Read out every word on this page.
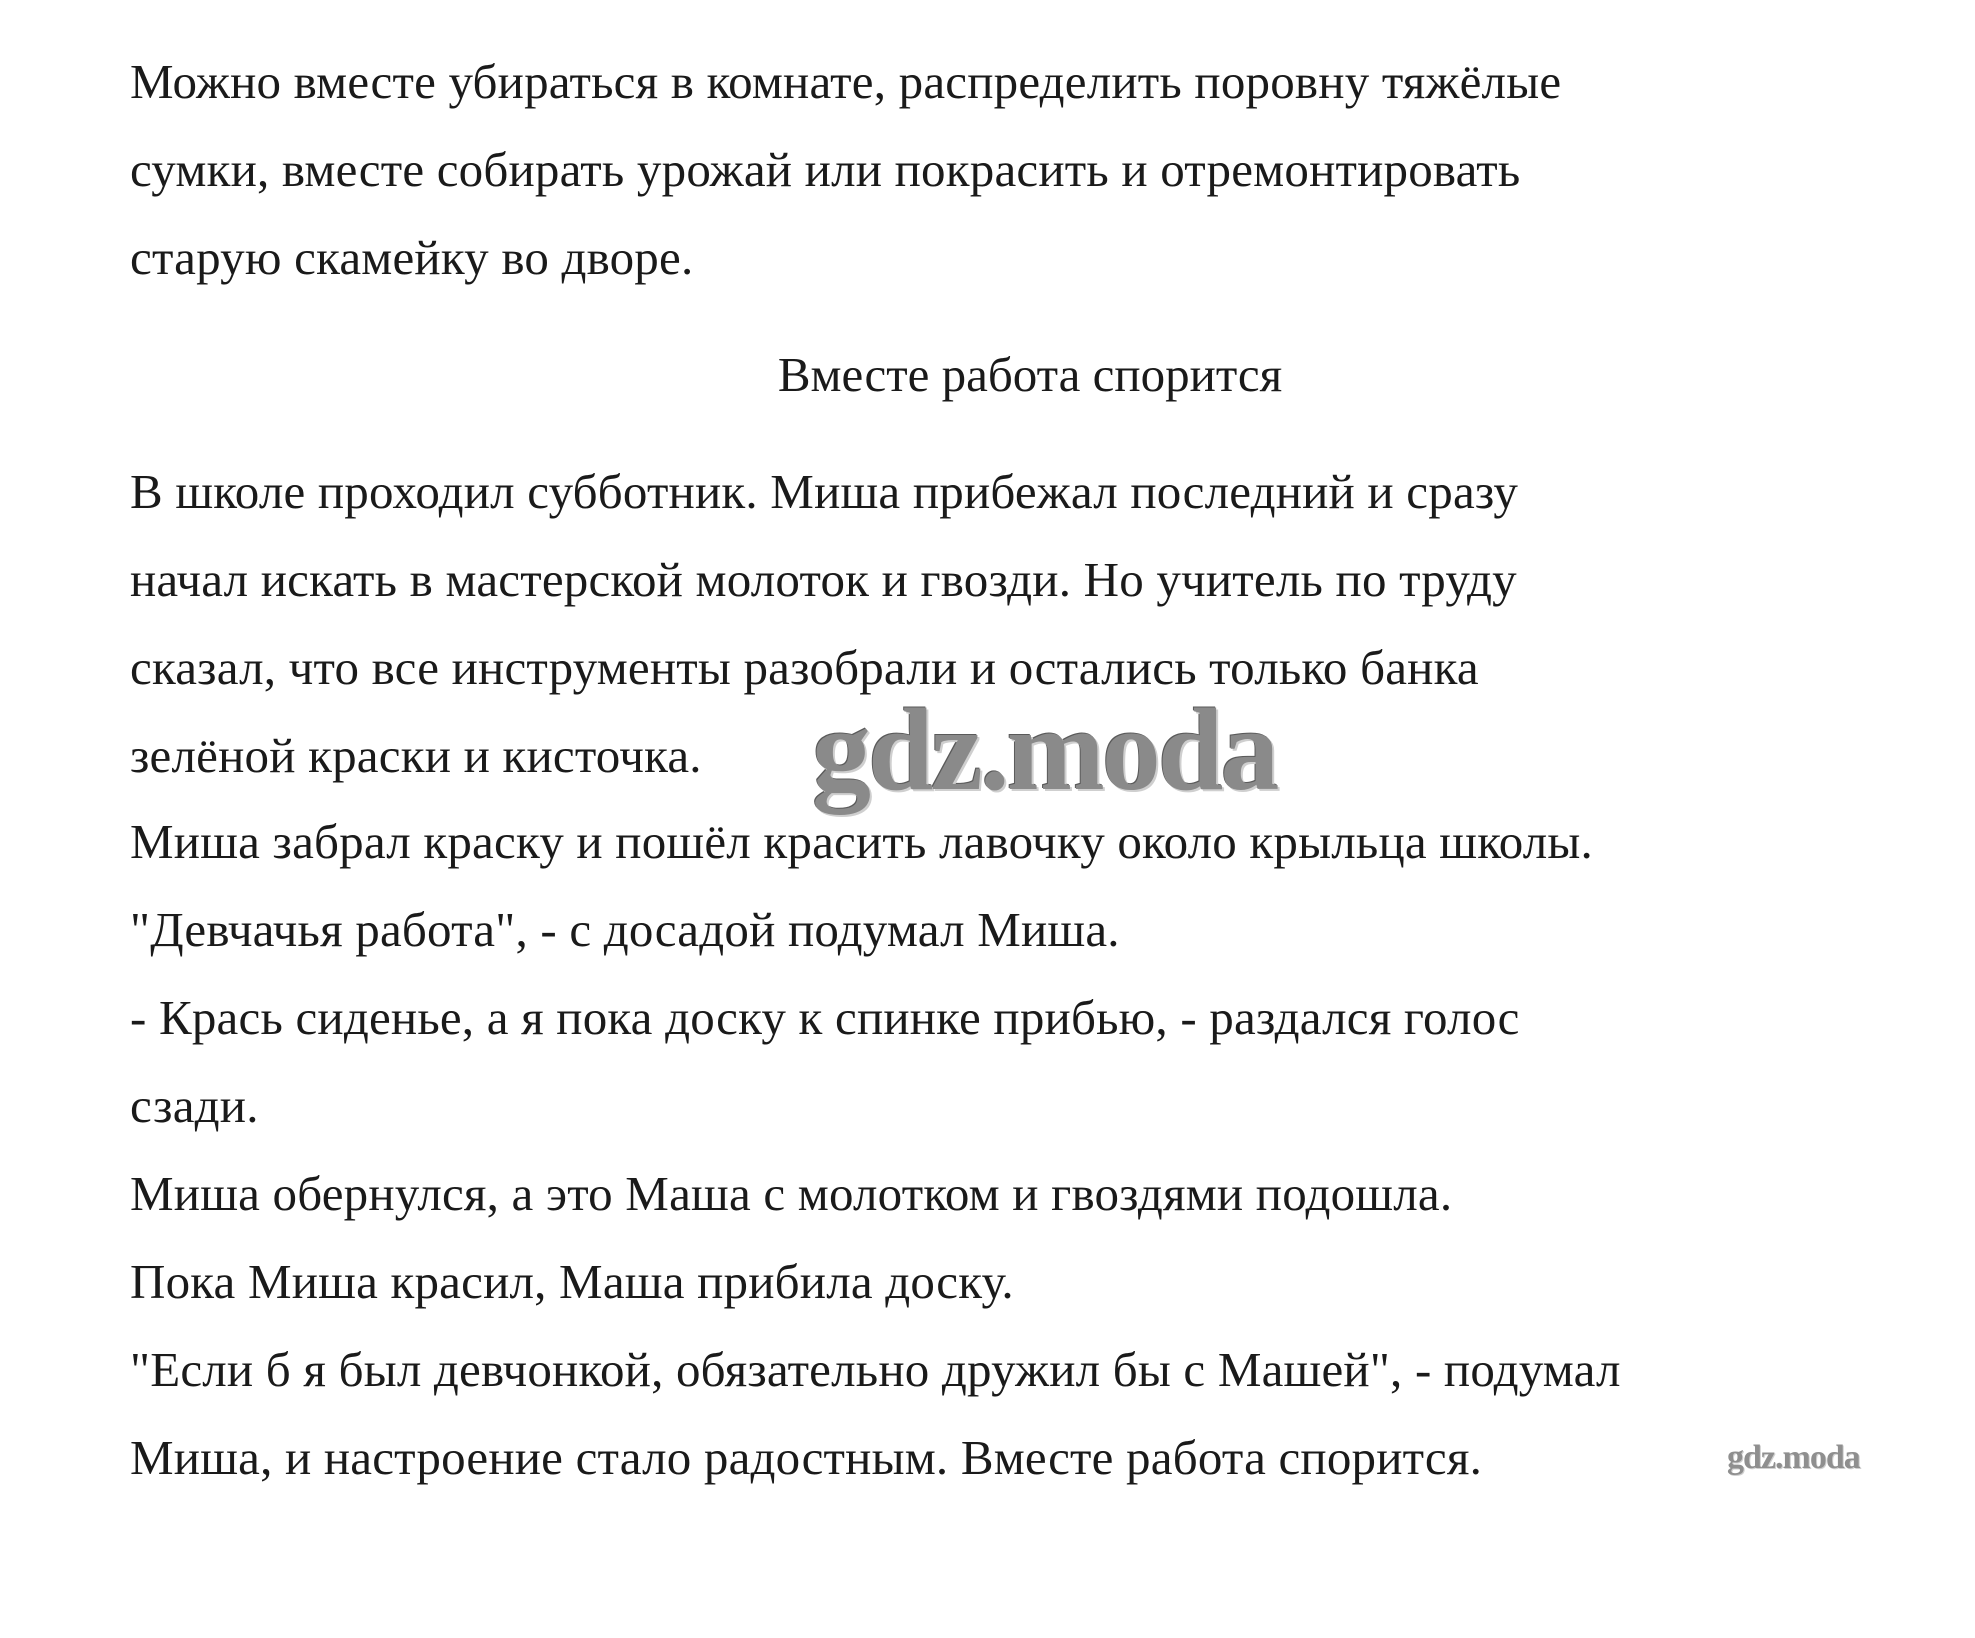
Можно вместе убираться в комнате, распределить поровну тяжёлые
сумки, вместе собирать урожай или покрасить и отремонтировать
старую скамейку во дворе.
Вместе работа спорится
В школе проходил субботник. Миша прибежал последний и сразу
начал искать в мастерской молоток и гвозди. Но учитель по труду
сказал, что все инструменты разобрали и остались только банка
зелёной краски и кисточка.
Миша забрал краску и пошёл красить лавочку около крыльца школы.
"Девчачья работа", - с досадой подумал Миша.
- Крась сиденье, а я пока доску к спинке прибью, - раздался голос
сзади.
Миша обернулся, а это Маша с молотком и гвоздями подошла.
Пока Миша красил, Маша прибила доску.
"Если б я был девчонкой, обязательно дружил бы с Машей", - подумал
Миша, и настроение стало радостным. Вместе работа спорится.
gdz.moda
gdz.moda
